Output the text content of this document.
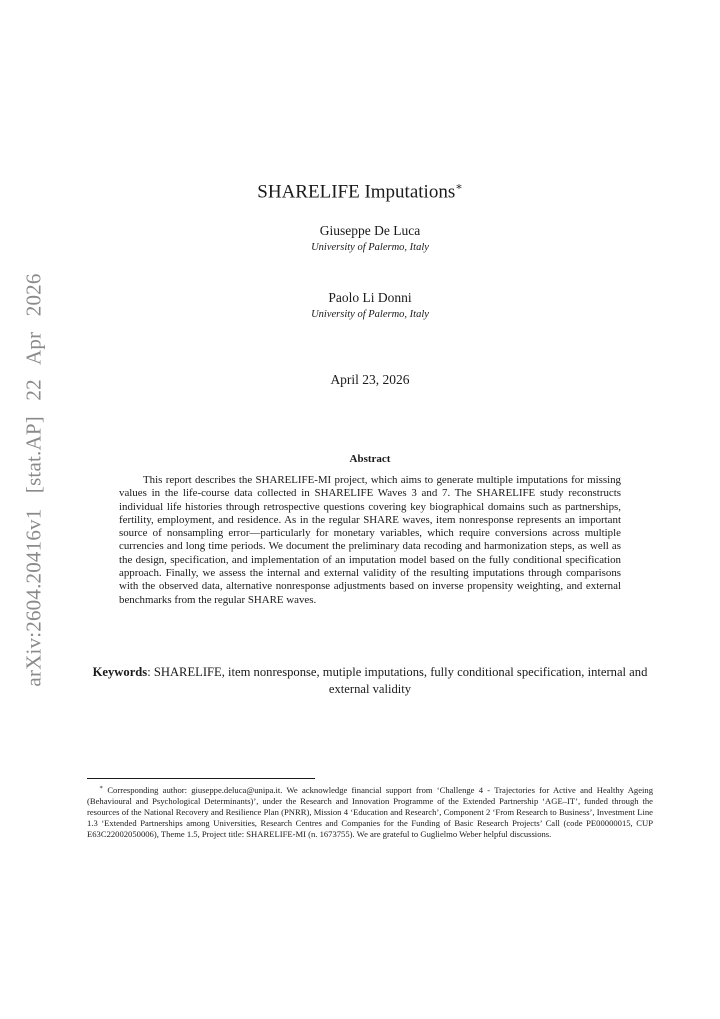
arXiv:2604.20416v1 [stat.AP] 22 Apr 2026
SHARELIFE Imputations∗
Giuseppe De Luca
University of Palermo, Italy
Paolo Li Donni
University of Palermo, Italy
April 23, 2026
Abstract
This report describes the SHARELIFE-MI project, which aims to generate multiple imputations for missing values in the life-course data collected in SHARELIFE Waves 3 and 7. The SHARELIFE study reconstructs individual life histories through retrospective questions covering key biographical domains such as partnerships, fertility, employment, and residence. As in the regular SHARE waves, item nonresponse represents an important source of nonsampling error—particularly for monetary variables, which require conversions across multiple currencies and long time periods. We document the preliminary data recoding and harmonization steps, as well as the design, specification, and implementation of an imputation model based on the fully conditional specification approach. Finally, we assess the internal and external validity of the resulting imputations through comparisons with the observed data, alternative nonresponse adjustments based on inverse propensity weighting, and external benchmarks from the regular SHARE waves.
Keywords: SHARELIFE, item nonresponse, mutiple imputations, fully conditional specification, internal and external validity
∗ Corresponding author: giuseppe.deluca@unipa.it. We acknowledge financial support from ‘Challenge 4 - Trajectories for Active and Healthy Ageing (Behavioural and Psychological Determinants)’, under the Research and Innovation Programme of the Extended Partnership ‘AGE–IT’, funded through the resources of the National Recovery and Resilience Plan (PNRR), Mission 4 ‘Education and Research’, Component 2 ‘From Research to Business’, Investment Line 1.3 ‘Extended Partnerships among Universities, Research Centres and Companies for the Funding of Basic Research Projects’ Call (code PE00000015, CUP E63C22002050006), Theme 1.5, Project title: SHARELIFE-MI (n. 1673755). We are grateful to Guglielmo Weber helpful discussions.
